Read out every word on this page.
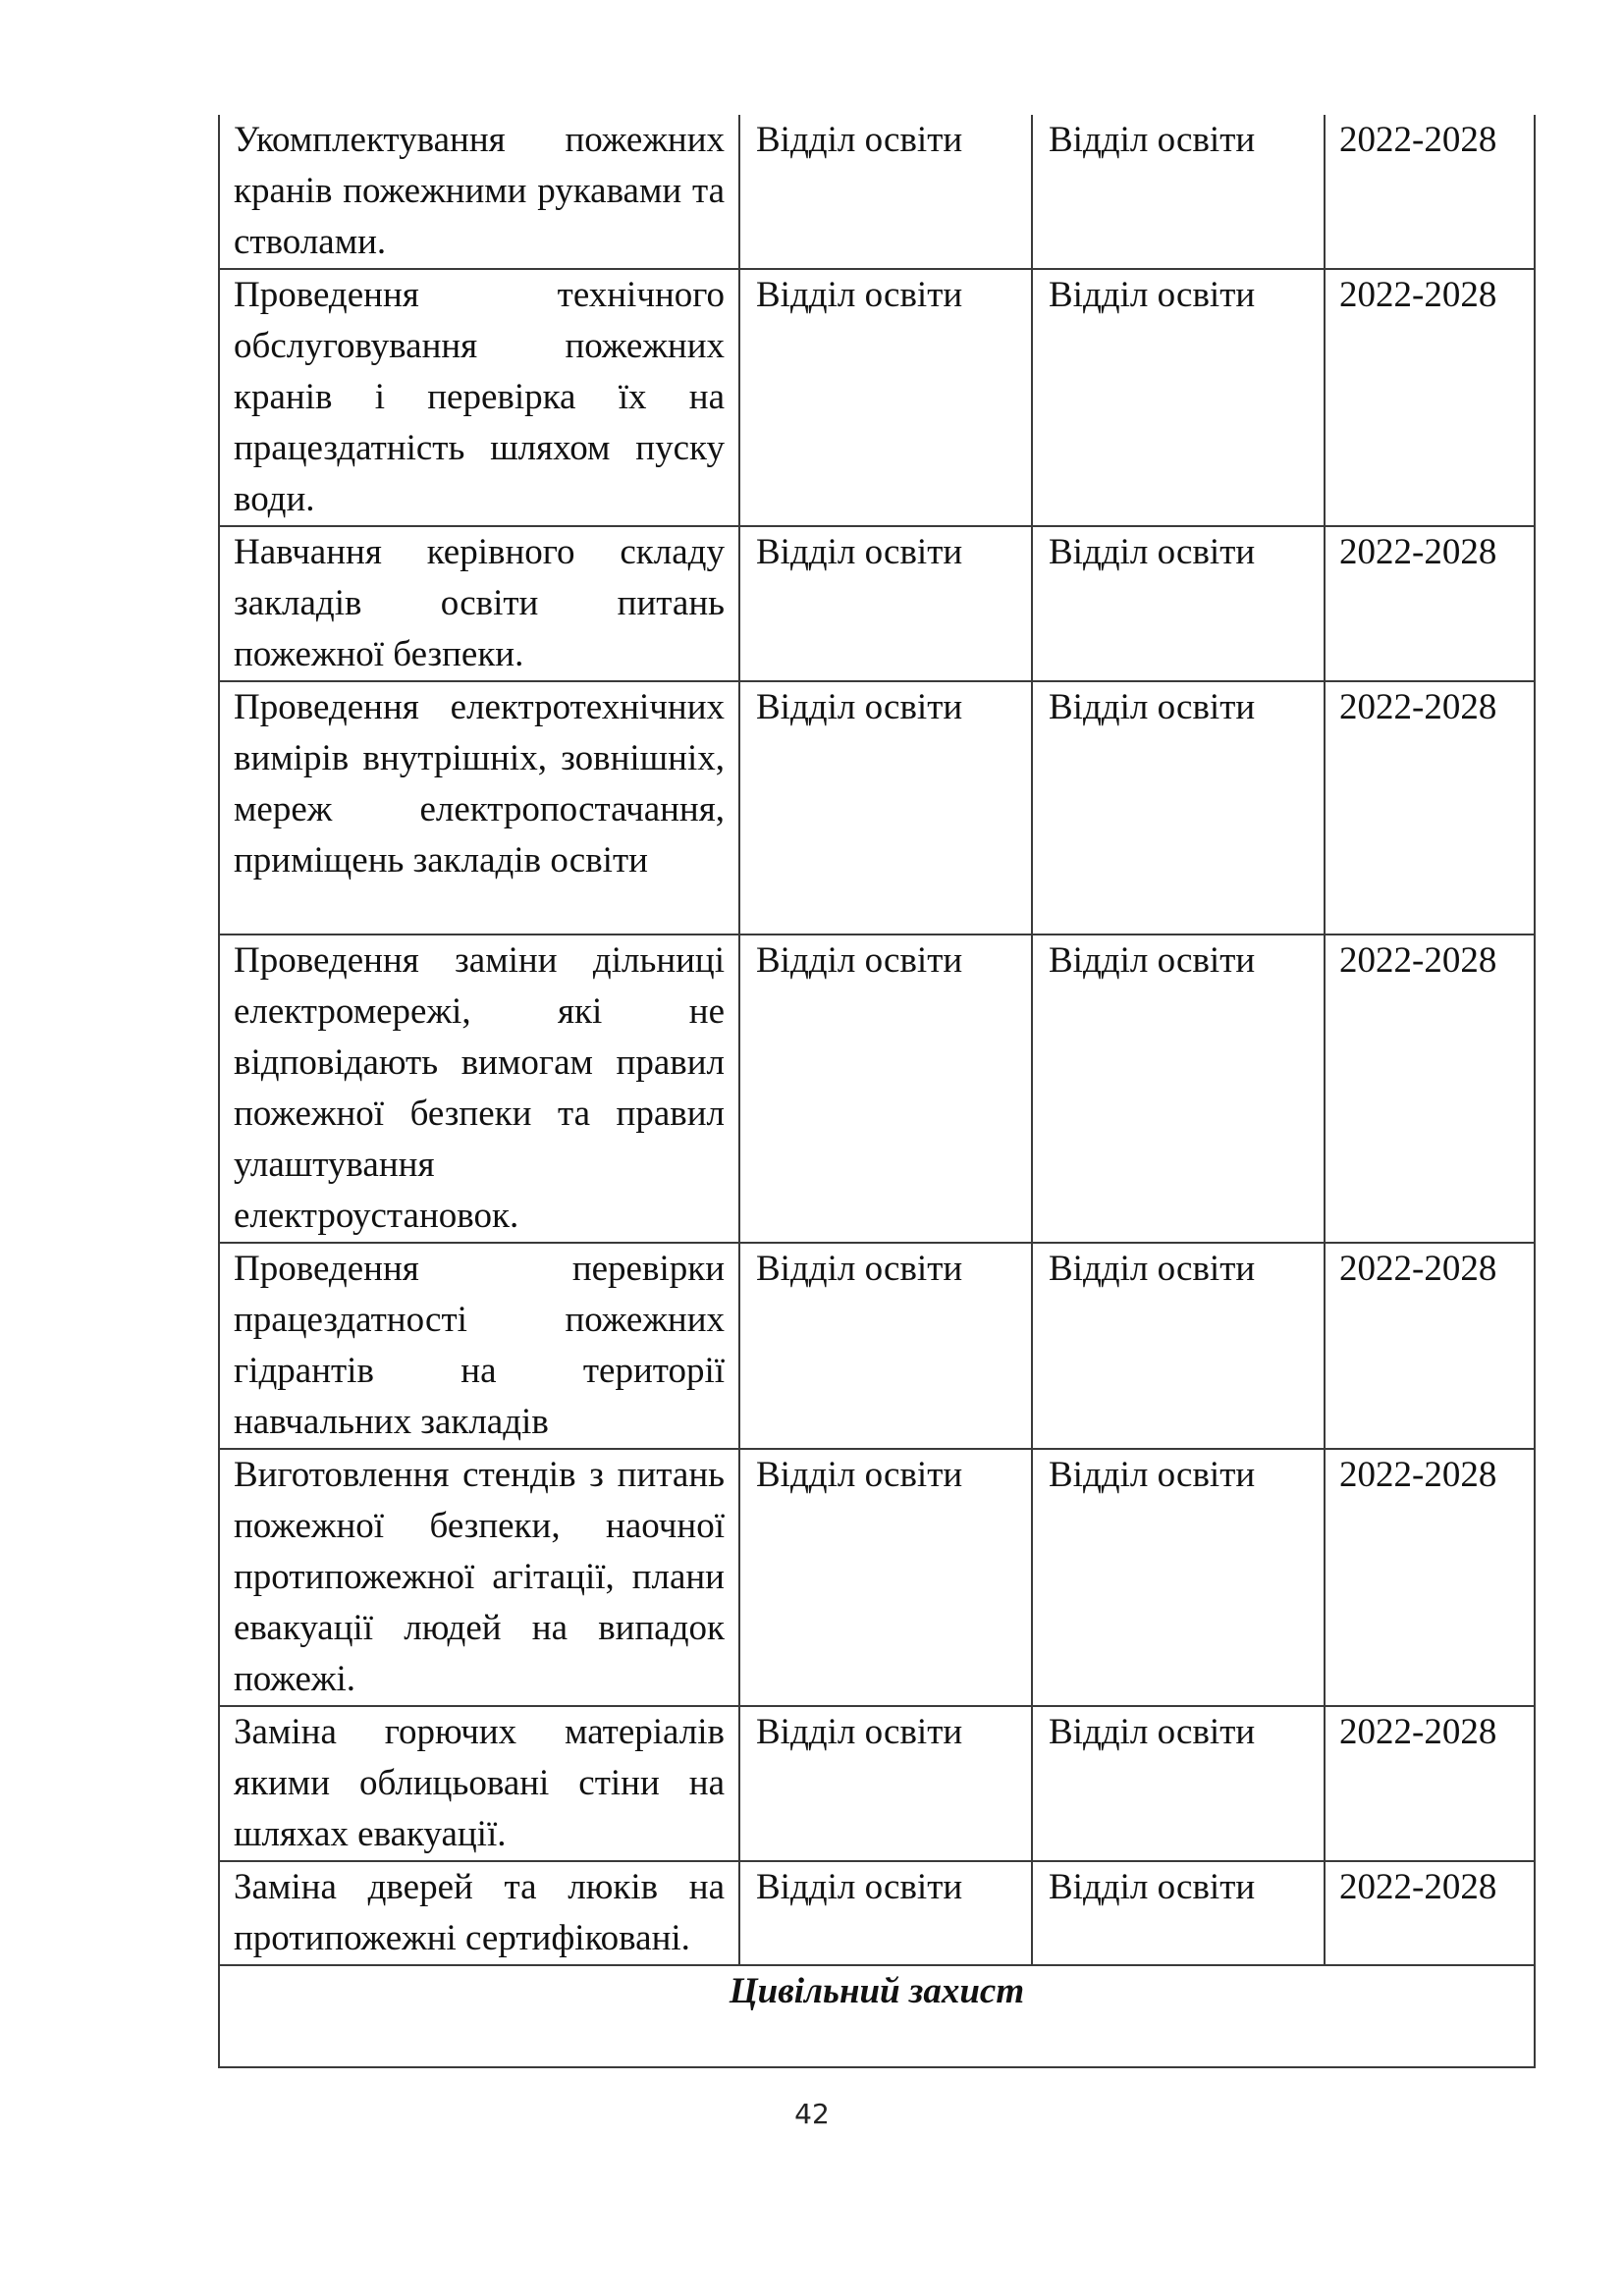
Укомплектування пожежних кранів пожежними рукавами та стволами.	Відділ освіти	Відділ освіти	2022-2028

Проведення технічного обслуговування пожежних кранів і перевірка їх на працездатність шляхом пуску води.	Відділ освіти	Відділ освіти	2022-2028

Навчання керівного складу закладів освіти питань пожежної безпеки.	Відділ освіти	Відділ освіти	2022-2028

Проведення електротехнічних вимірів внутрішніх, зовнішніх, мереж електропостачання, приміщень закладів освіти	Відділ освіти	Відділ освіти	2022-2028

Проведення заміни дільниці електромережі, які не відповідають вимогам правил пожежної безпеки та правил улаштування електроустановок.	Відділ освіти	Відділ освіти	2022-2028

Проведення перевірки працездатності пожежних гідрантів на території навчальних закладів	Відділ освіти	Відділ освіти	2022-2028

Виготовлення стендів з питань пожежної безпеки, наочної протипожежної агітації, плани евакуації людей на випадок пожежі.	Відділ освіти	Відділ освіти	2022-2028

Заміна горючих матеріалів якими облицьовані стіни на шляхах евакуації.	Відділ освіти	Відділ освіти	2022-2028

Заміна дверей та люків на протипожежні сертифіковані.	Відділ освіти	Відділ освіти	2022-2028
Цивільний захист			
42
